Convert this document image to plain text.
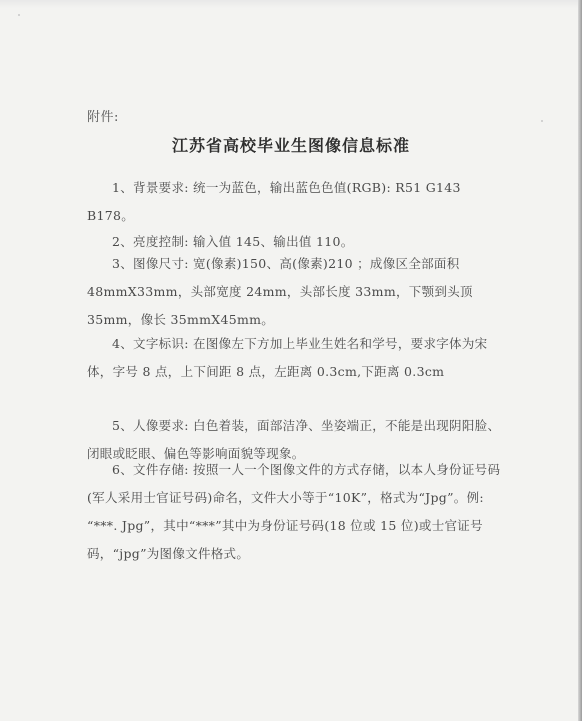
附件:
江苏省高校毕业生图像信息标准

1、背景要求: 统一为蓝色，输出蓝色色值(RGB): R51 G143 B178。

2、亮度控制: 输入值 145、输出值 110。

3、图像尺寸: 宽(像素)150、高(像素)210 ；成像区全部面积 48mmX33mm，头部宽度 24mm，头部长度 33mm，下颚到头顶 35mm，像长 35mmX45mm。

4、文字标识: 在图像左下方加上毕业生姓名和学号，要求字体为宋体，字号 8 点，上下间距 8 点，左距离 0.3cm,下距离 0.3cm

5、人像要求: 白色着装，面部洁净、坐姿端正，不能是出现阴阳脸、闭眼或眨眼、偏色等影响面貌等现象。

6、文件存储: 按照一人一个图像文件的方式存储，以本人身份证号码(军人采用士官证号码)命名，文件大小等于“10K”，格式为“Jpg”。例: “***. Jpg”，其中“***”其中为身份证号码(18 位或 15 位)或士官证号码，“jpg”为图像文件格式。
